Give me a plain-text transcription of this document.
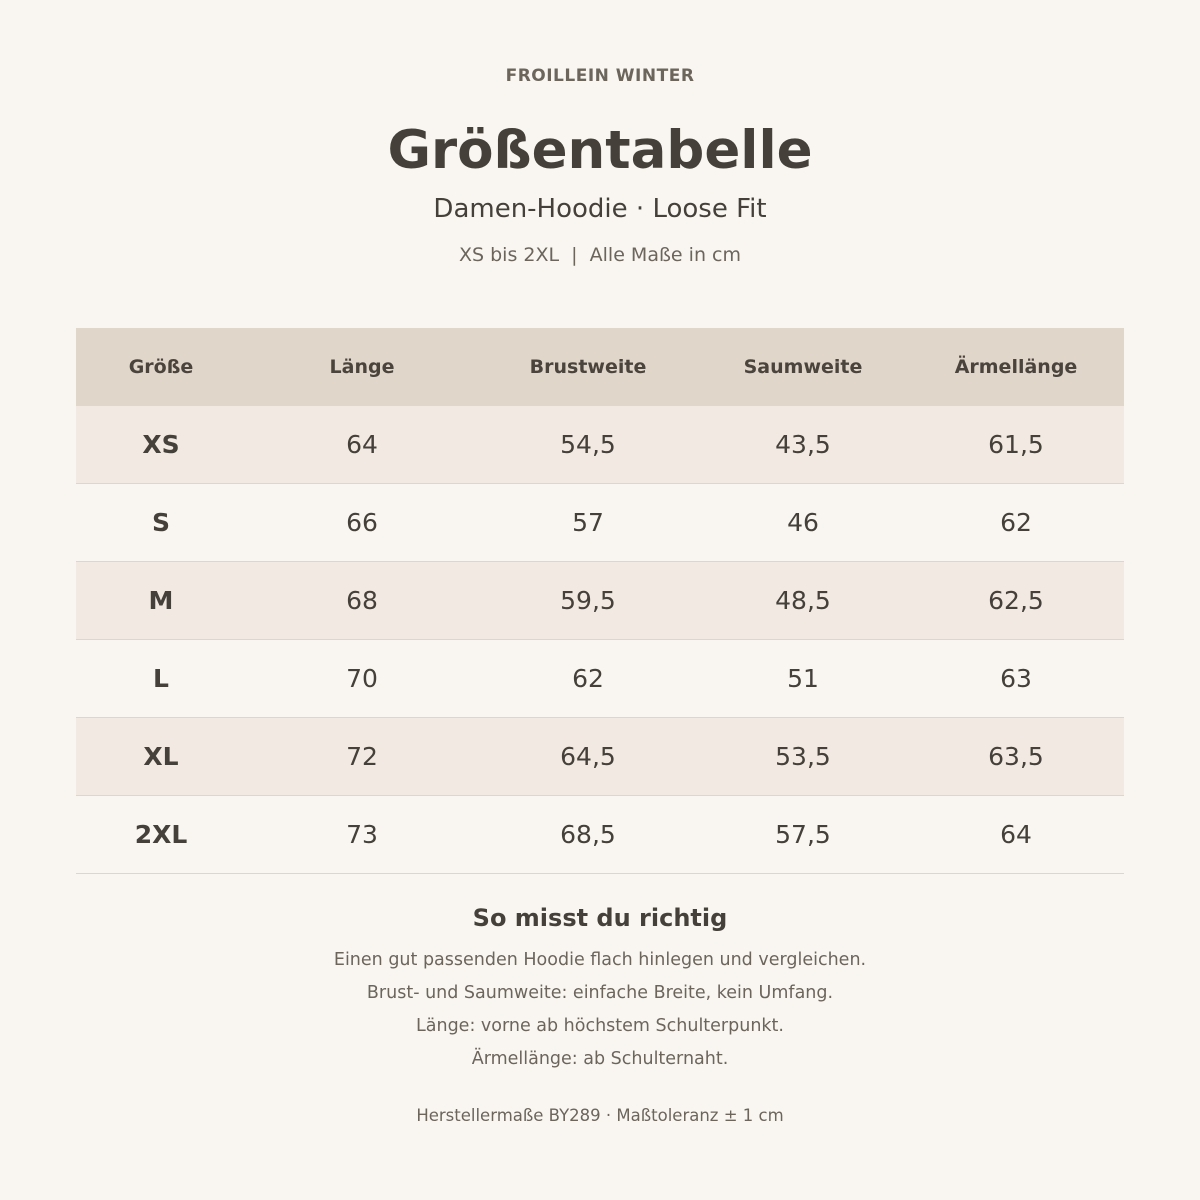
FROILLEIN WINTER
Größentabelle
Damen-Hoodie · Loose Fit
XS bis 2XL  |  Alle Maße in cm
Größe	Länge	Brustweite	Saumweite	Ärmellänge
XS	64	54,5	43,5	61,5
S	66	57	46	62
M	68	59,5	48,5	62,5
L	70	62	51	63
XL	72	64,5	53,5	63,5
2XL	73	68,5	57,5	64
So misst du richtig
Einen gut passenden Hoodie flach hinlegen und vergleichen.
Brust- und Saumweite: einfache Breite, kein Umfang.
Länge: vorne ab höchstem Schulterpunkt.
Ärmellänge: ab Schulternaht.
Herstellermaße BY289 · Maßtoleranz ± 1 cm
